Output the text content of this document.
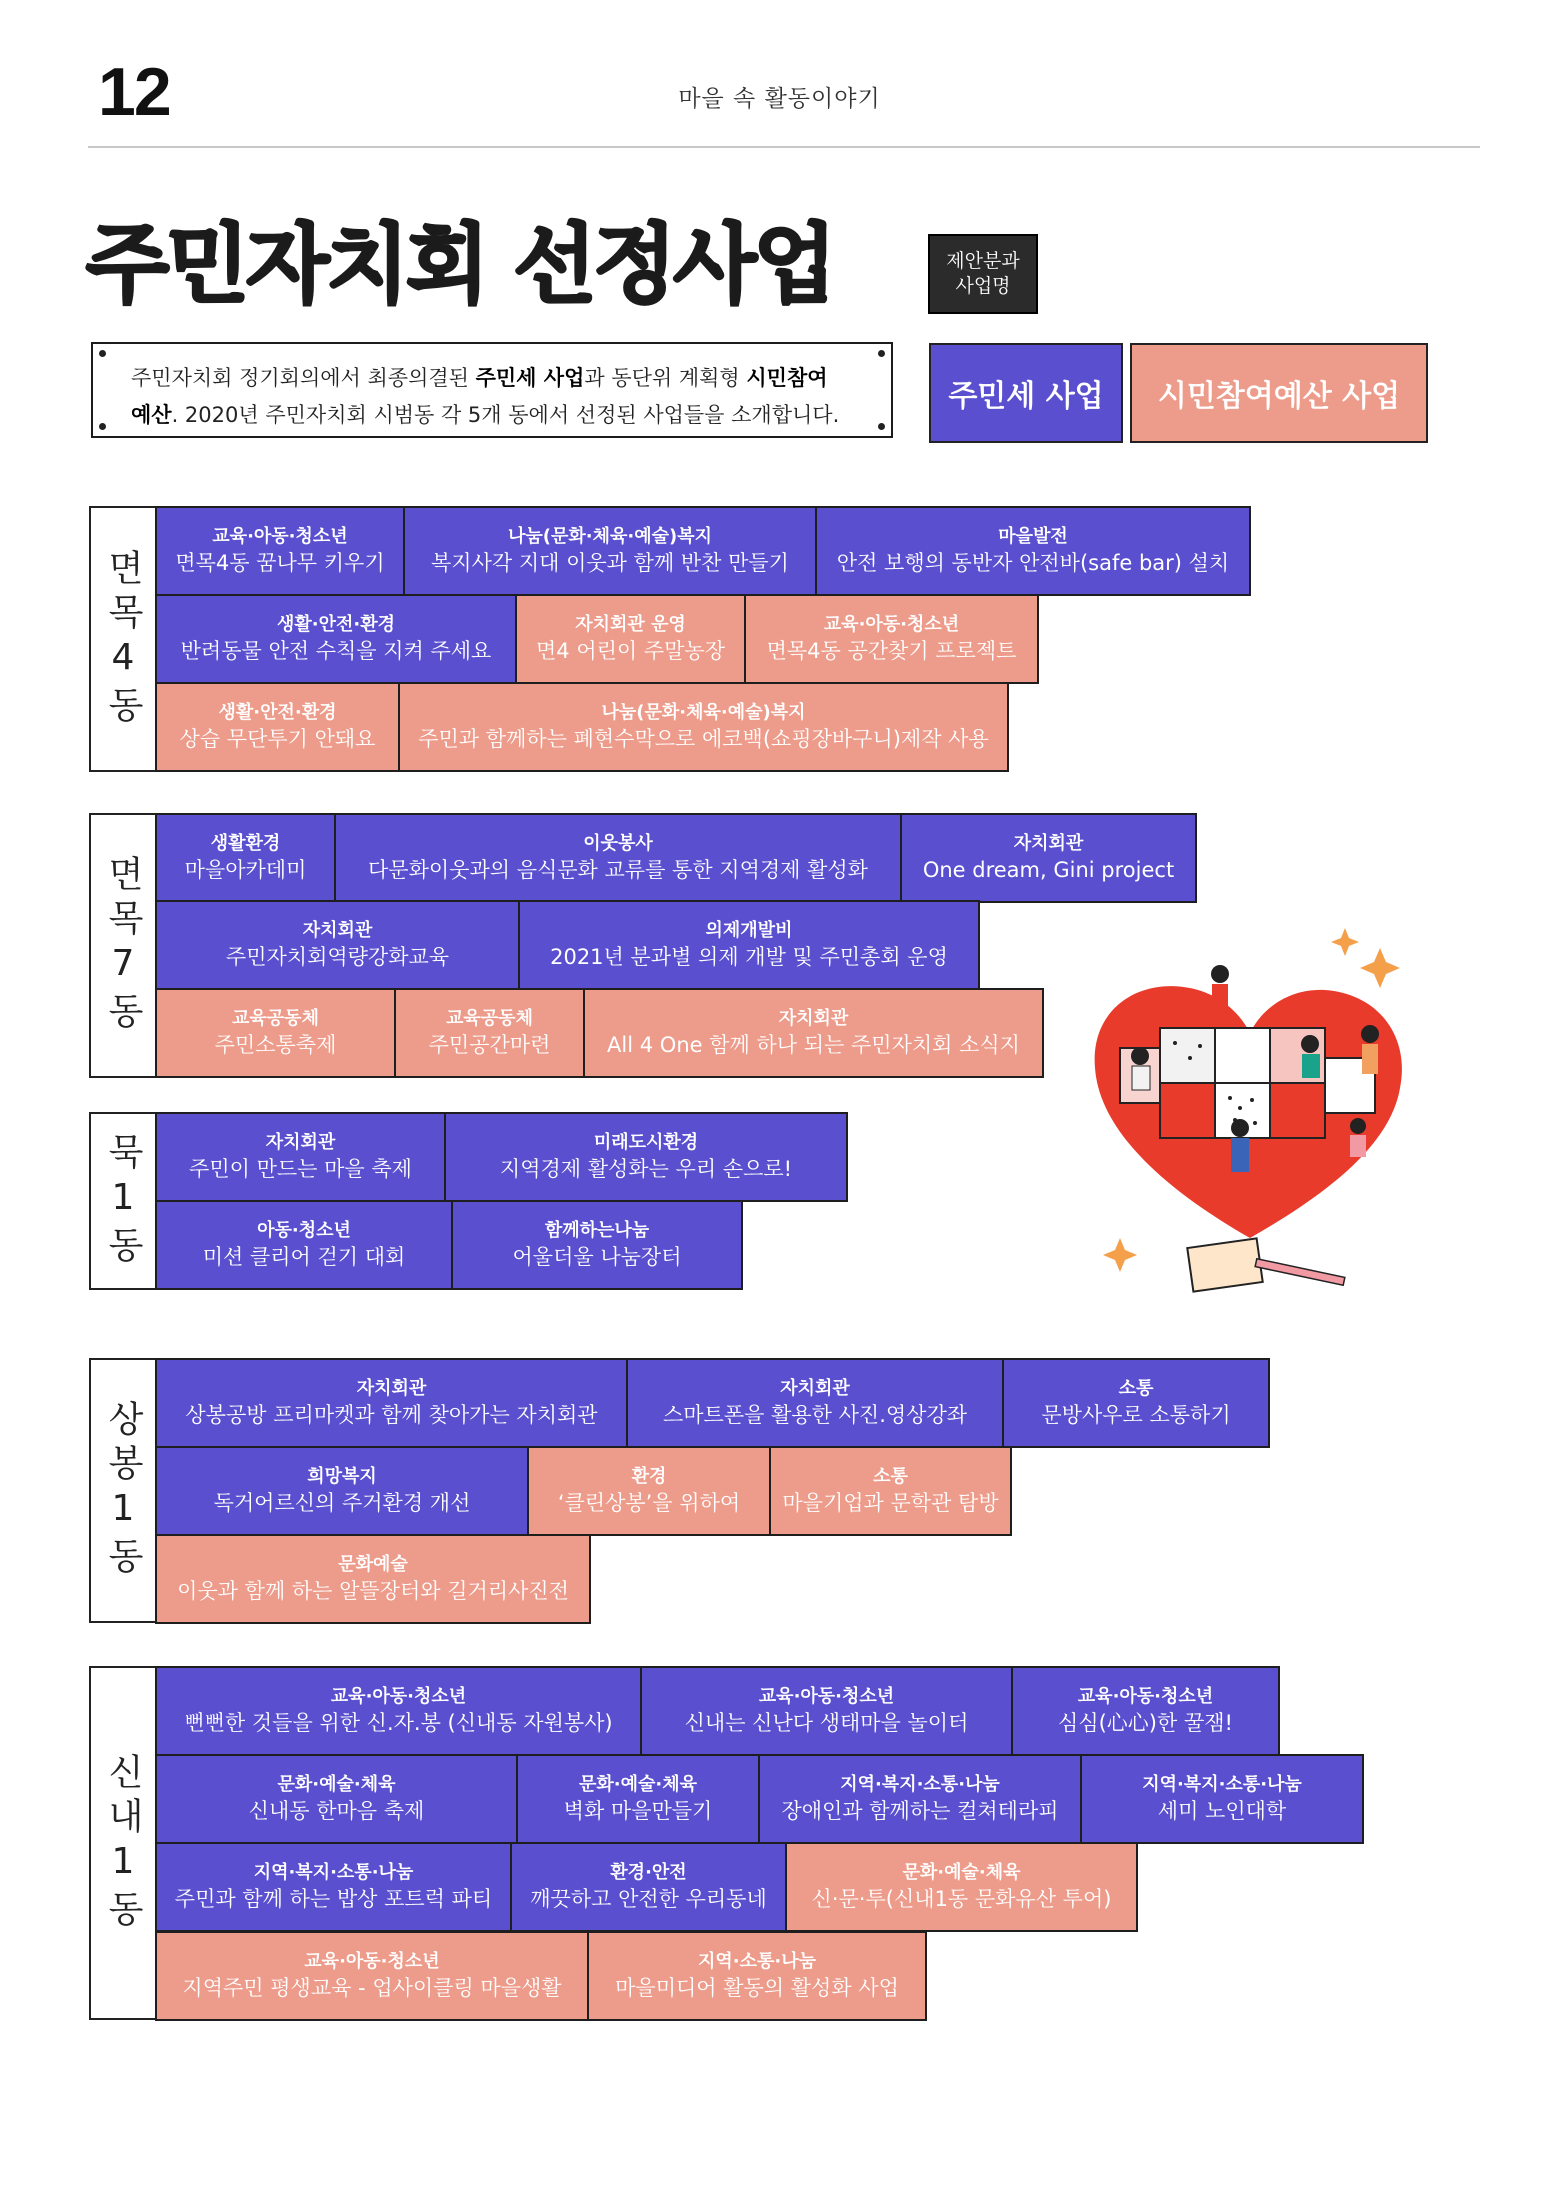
12	마을 속 활동이야기
주민자치회 선정사업	제안분과
사업명
주민자치회 정기회의에서 최종의결된 주민세 사업과 동단위 계획형 시민참여
예산. 2020년 주민자치회 시범동 각 5개 동에서 선정된 사업들을 소개합니다.
주민세 사업	시민참여예산 사업
면목4동
교육·아동·청소년
면목4동 꿈나무 키우기
나눔(문화·체육·예술)복지
복지사각 지대 이웃과 함께 반찬 만들기
마을발전
안전 보행의 동반자 안전바(safe bar) 설치
생활·안전·환경
반려동물 안전 수칙을 지켜 주세요
자치회관 운영
면4 어린이 주말농장
교육·아동·청소년
면목4동 공간찾기 프로젝트
생활·안전·환경
상습 무단투기 안돼요
나눔(문화·체육·예술)복지
주민과 함께하는 폐현수막으로 에코백(쇼핑장바구니)제작 사용
면목7동
생활환경
마을아카데미
이웃봉사
다문화이웃과의 음식문화 교류를 통한 지역경제 활성화
자치회관
One dream, Gini project
자치회관
주민자치회역량강화교육
의제개발비
2021년 분과별 의제 개발 및 주민총회 운영
교육공동체
주민소통축제
교육공동체
주민공간마련
자치회관
All 4 One 함께 하나 되는 주민자치회 소식지
묵1동	자치회관
주민이 만드는 마을 축제
미래도시환경
지역경제 활성화는 우리 손으로!
아동·청소년
미션 클리어 걷기 대회
함께하는나눔
어울더울 나눔장터
상봉1동
자치회관
상봉공방 프리마켓과 함께 찾아가는 자치회관
자치회관
스마트폰을 활용한 사진.영상강좌
소통
문방사우로 소통하기
희망복지
독거어르신의 주거환경 개선
환경
‘클린상봉’을 위하여
소통
마을기업과 문학관 탐방
문화예술
이웃과 함께 하는 알뜰장터와 길거리사진전
신내1동
교육·아동·청소년
뻔뻔한 것들을 위한 신.자.봉 (신내동 자원봉사)
교육·아동·청소년
신내는 신난다 생태마을 놀이터
교육·아동·청소년
심심(心心)한 꿀잼!
문화·예술·체육
신내동 한마음 축제
문화·예술·체육
벽화 마을만들기
지역·복지·소통·나눔
장애인과 함께하는 컬쳐테라피
지역·복지·소통·나눔
세미 노인대학
지역·복지·소통·나눔
주민과 함께 하는 밥상 포트럭 파티
환경·안전
깨끗하고 안전한 우리동네
문화·예술·체육
신·문·투(신내1동 문화유산 투어)
교육·아동·청소년
지역주민 평생교육 - 업사이클링 마을생활
지역·소통·나눔
마을미디어 활동의 활성화 사업
